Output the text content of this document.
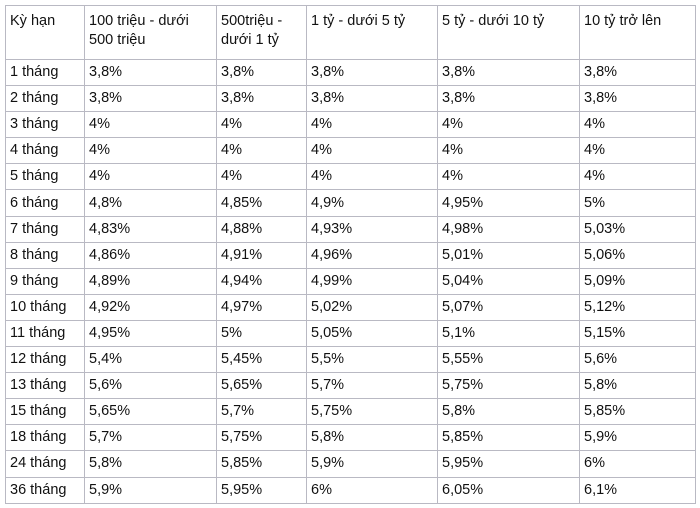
Kỳ hạn	100 triệu - dưới 500 triệu	500triệu - dưới 1 tỷ	1 tỷ - dưới 5 tỷ	5 tỷ - dưới 10 tỷ	10 tỷ trở lên
1 tháng	3,8%	3,8%	3,8%	3,8%	3,8%
2 tháng	3,8%	3,8%	3,8%	3,8%	3,8%
3 tháng	4%	4%	4%	4%	4%
4 tháng	4%	4%	4%	4%	4%
5 tháng	4%	4%	4%	4%	4%
6 tháng	4,8%	4,85%	4,9%	4,95%	5%
7 tháng	4,83%	4,88%	4,93%	4,98%	5,03%
8 tháng	4,86%	4,91%	4,96%	5,01%	5,06%
9 tháng	4,89%	4,94%	4,99%	5,04%	5,09%
10 tháng	4,92%	4,97%	5,02%	5,07%	5,12%
11 tháng	4,95%	5%	5,05%	5,1%	5,15%
12 tháng	5,4%	5,45%	5,5%	5,55%	5,6%
13 tháng	5,6%	5,65%	5,7%	5,75%	5,8%
15 tháng	5,65%	5,7%	5,75%	5,8%	5,85%
18 tháng	5,7%	5,75%	5,8%	5,85%	5,9%
24 tháng	5,8%	5,85%	5,9%	5,95%	6%
36 tháng	5,9%	5,95%	6%	6,05%	6,1%
